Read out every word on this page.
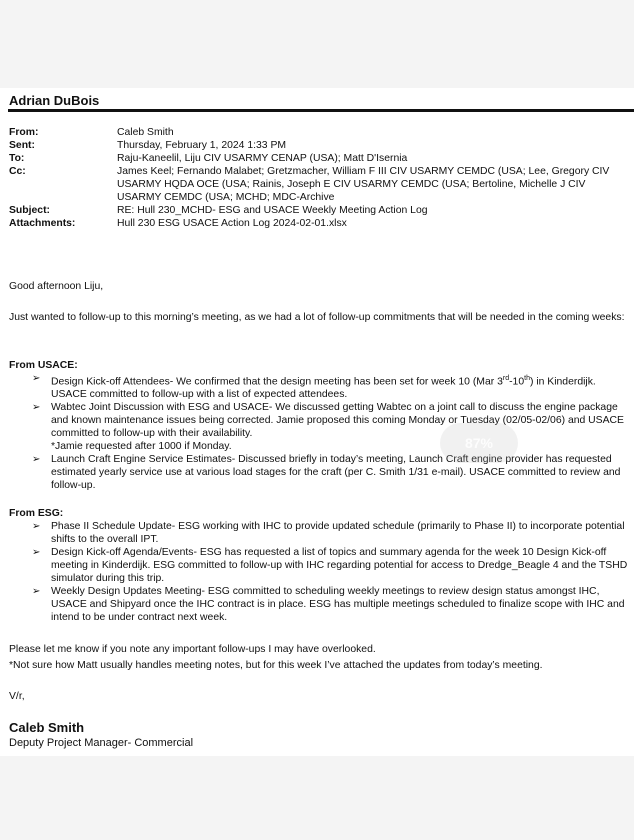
Adrian DuBois
From:	Caleb Smith
Sent:	Thursday, February 1, 2024 1:33 PM
To:	Raju-Kaneelil, Liju CIV USARMY CENAP (USA); Matt D'Isernia
Cc:	James Keel; Fernando Malabet; Gretzmacher, William F III CIV USARMY CEMDC (USA; Lee, Gregory CIV USARMY HQDA OCE (USA; Rainis, Joseph E CIV USARMY CEMDC (USA; Bertoline, Michelle J CIV USARMY CEMDC (USA; MCHD; MDC-Archive
Subject:	RE: Hull 230_MCHD- ESG and USACE Weekly Meeting Action Log
Attachments:	Hull 230 ESG USACE Action Log 2024-02-01.xlsx
Good afternoon Liju,
Just wanted to follow-up to this morning’s meeting, as we had a lot of follow-up commitments that will be needed in the coming weeks:
From USACE:
➢ Design Kick-off Attendees- We confirmed that the design meeting has been set for week 10 (Mar 3rd-10th) in Kinderdijk. USACE committed to follow-up with a list of expected attendees.
➢ Wabtec Joint Discussion with ESG and USACE- We discussed getting Wabtec on a joint call to discuss the engine package and known maintenance issues being corrected. Jamie proposed this coming Monday or Tuesday (02/05-02/06) and USACE committed to follow-up with their availability.
*Jamie requested after 1000 if Monday.
➢ Launch Craft Engine Service Estimates- Discussed briefly in today’s meeting, Launch Craft engine provider has requested estimated yearly service use at various load stages for the craft (per C. Smith 1/31 e-mail). USACE committed to review and follow-up.
From ESG:
➢ Phase II Schedule Update- ESG working with IHC to provide updated schedule (primarily to Phase II) to incorporate potential shifts to the overall IPT.
➢ Design Kick-off Agenda/Events- ESG has requested a list of topics and summary agenda for the week 10 Design Kick-off meeting in Kinderdijk. ESG committed to follow-up with IHC regarding potential for access to Dredge_Beagle 4 and the TSHD simulator during this trip.
➢ Weekly Design Updates Meeting- ESG committed to scheduling weekly meetings to review design status amongst IHC, USACE and Shipyard once the IHC contract is in place. ESG has multiple meetings scheduled to finalize scope with IHC and intend to be under contract next week.
Please let me know if you note any important follow-ups I may have overlooked.
*Not sure how Matt usually handles meeting notes, but for this week I’ve attached the updates from today’s meeting.
V/r,
Caleb Smith
Deputy Project Manager- Commercial
87%
